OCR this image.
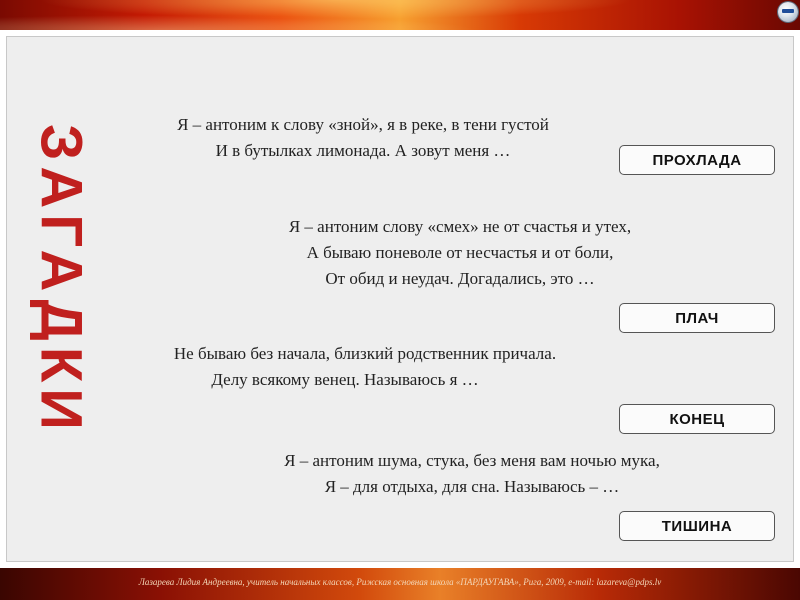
ЗАГАДКИ	Я – антоним к слову «зной», я в реке, в тени густой
И в бутылках лимонада. А зовут меня …	ПРОХЛАДА
Я – антоним слову «смех» не от счастья и утех,
А бываю поневоле от несчастья и от боли,
От обид и неудач. Догадались, это …
ПЛАЧ
Не бываю без начала, близкий родственник причала.
Делу всякому венец. Называюсь я …
КОНЕЦ
Я – антоним шума, стука, без меня вам ночью мука,
Я – для отдыха, для сна. Называюсь – …
ТИШИНА
Лазарева Лидия Андреевна, учитель начальных классов, Рижская основная школа «ПАРДАУГАВА», Рига, 2009, e-mail: lazareva@pdps.lv
